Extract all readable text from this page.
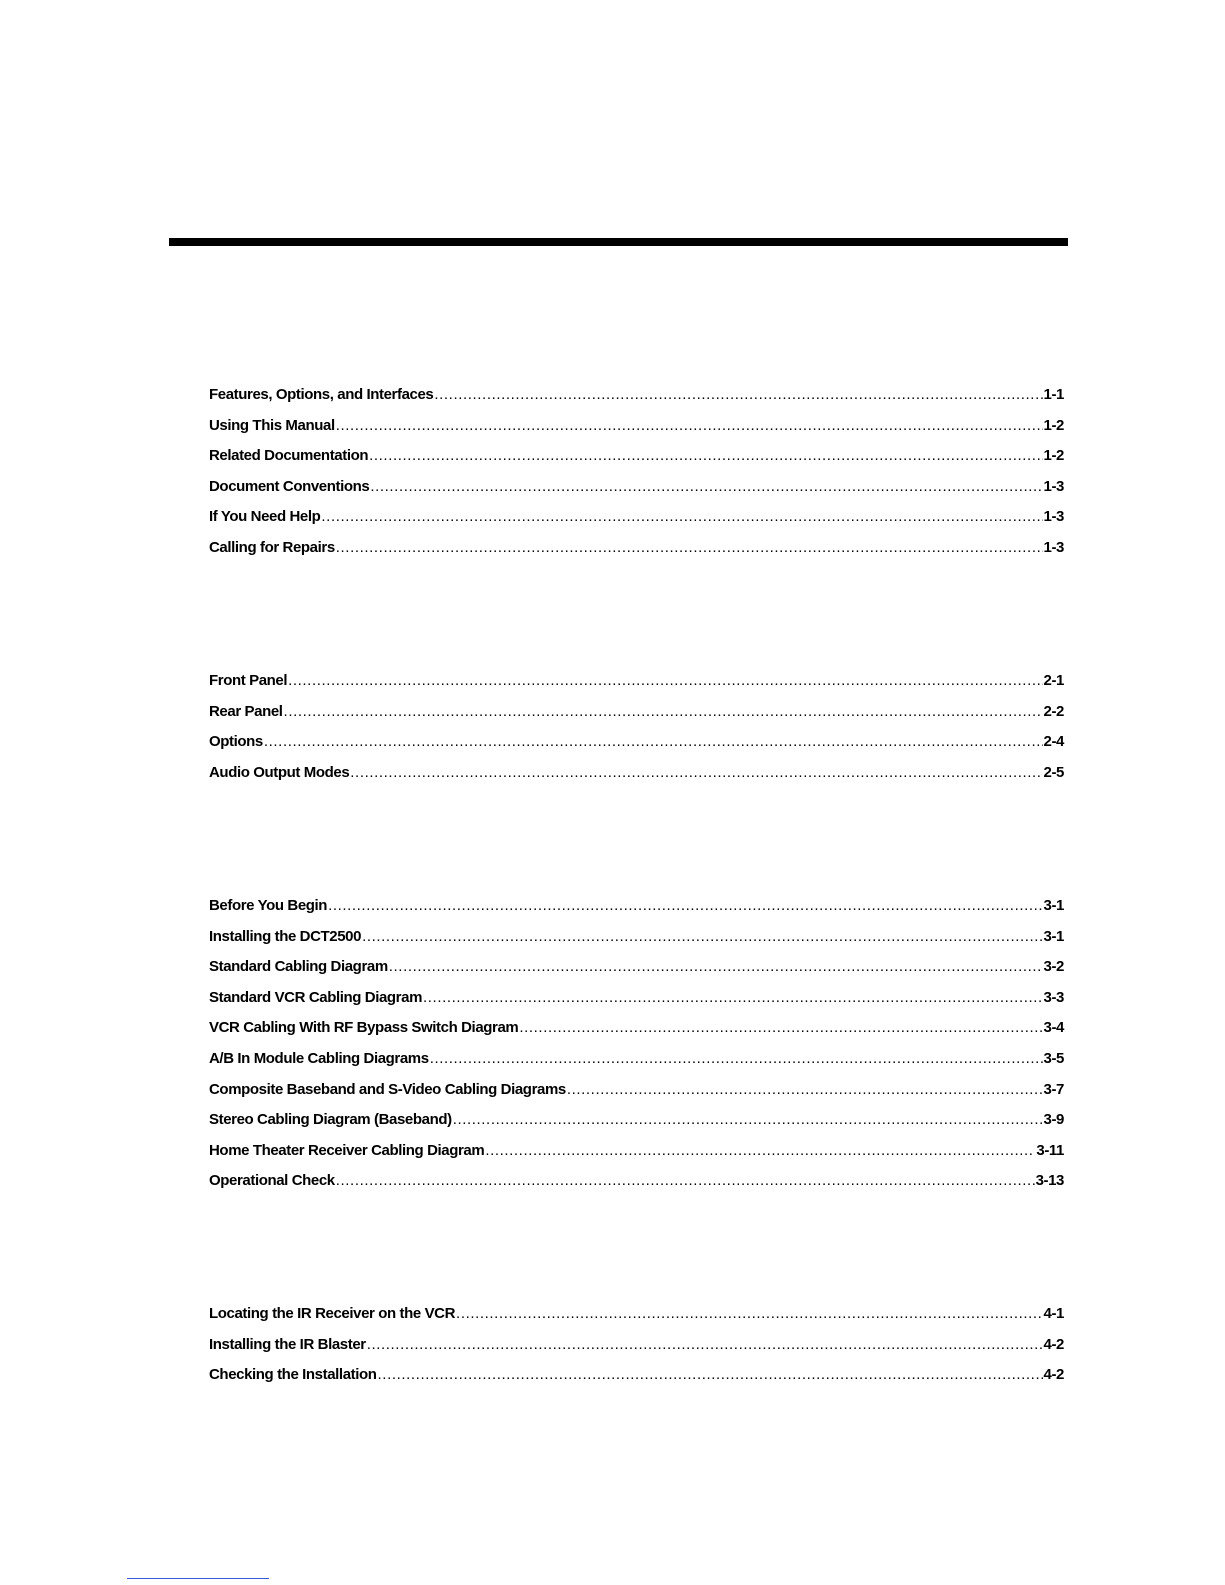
Features, Options, and Interfaces .....	1-1
Using This Manual .....	1-2
Related Documentation .....	1-2
Document Conventions .....	1-3
If You Need Help .....	1-3
Calling for Repairs .....	1-3
Front Panel .....	2-1
Rear Panel .....	2-2
Options .....	2-4
Audio Output Modes .....	2-5
Before You Begin .....	3-1
Installing the DCT2500 .....	3-1
Standard Cabling Diagram .....	3-2
Standard VCR Cabling Diagram .....	3-3
VCR Cabling With RF Bypass Switch Diagram .....	3-4
A/B In Module Cabling Diagrams .....	3-5
Composite Baseband and S-Video Cabling Diagrams .....	3-7
Stereo Cabling Diagram (Baseband) .....	3-9
Home Theater Receiver Cabling Diagram .....	3-11
Operational Check .....	3-13
Locating the IR Receiver on the VCR .....	4-1
Installing the IR Blaster .....	4-2
Checking the Installation .....	4-2
